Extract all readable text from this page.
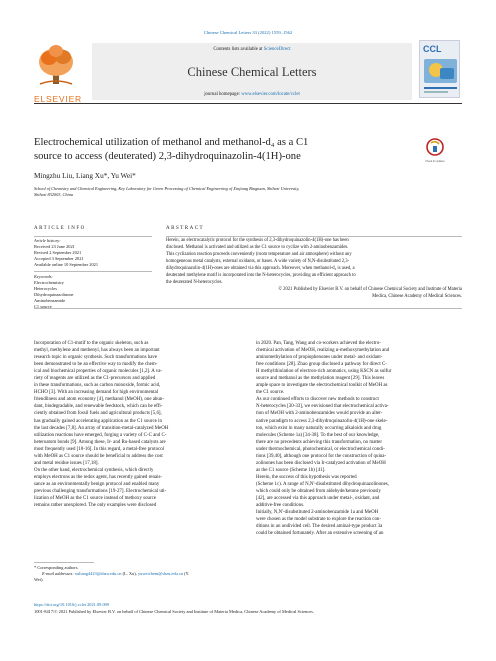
Chinese Chemical Letters 33 (2022) 1559–1562
ELSEVIER
Contents lists available at ScienceDirect
Chinese Chemical Letters
journal homepage: www.elsevier.com/locate/cclet
CCL
Electrochemical utilization of methanol and methanol-d₄ as a C1
source to access (deuterated) 2,3-dihydroquinazolin-4(1H)-one	Check for updates
Mingzhu Liu, Liang Xu*, Yu Wei*
School of Chemistry and Chemical Engineering, Key Laboratory for Green Processing of Chemical Engineering of Xinjiang Bingtuan, Shihezi University,
Shihezi 832003, China
ARTICLE INFO
Article history:
Received 23 June 2021
Revised 2 September 2021
Accepted 3 September 2021
Available online 10 September 2021
Keywords:
Electrochemistry
Heterocycles
Dihydroquinazolinone
Aminobenzamide
C1 source
ABSTRACT
Herein, an electrocatalytic protocol for the synthesis of 2,3-dihydroquinazolin-4(1H)-one has been
disclosed. Methanol is activated and utilized as the C1 source to cyclize with 2-aminobenzamides.
This cyclization reaction proceeds conveniently (room temperature and air atmosphere) without any
homogeneous metal catalysts, external oxidants, or bases. A wide variety of N,N-disubstituted 2,3-
dihydroquinazolin-4(1H)-ones are obtained via this approach. Moreover, when methanol-d₄ is used, a
deuterated methylene motif is incorporated into the N-heterocycles, providing an efficient approach to
the deuterated N-heterocycles.
© 2021 Published by Elsevier B.V. on behalf of Chinese Chemical Society and Institute of Materia
Medica, Chinese Academy of Medical Sciences.
Incorporation of C1-motif to the organic skeleton, such as
methyl, methylene and methenyl, has always been an important
research topic in organic synthesis. Such transformations have
been demonstrated to be an effective way to modify the chem-
ical and biochemical properties of organic molecules [1,2]. A va-
riety of reagents are utilized as the C1-precursors and applied
in these transformations, such as carbon monoxide, formic acid,
HCHO [3]. With an increasing demand for high environmental
friendliness and atom economy [4], methanol (MeOH), one abun-
dant, biodegradable, and renewable feedstock, which can be effi-
ciently obtained from fossil fuels and agricultural products [5,6],
has gradually gained accelerating application as the C1 source in
the last decades [7,8]. An array of transition-metal-catalyzed MeOH
utilization reactions have emerged, forging a variety of C-C and C-
heteroatom bonds [9]. Among these, Ir- and Ru-based catalysts are
most frequently used [10-16]. In this regard, a metal-free protocol
with MeOH as C1 source should be beneficial to address the cost
and metal residue issues [17,18].
On the other hand, electrochemical synthesis, which directly
employs electrons as the redox agent, has recently gained renais-
sance as an environmentally benign protocol and enabled many
previous challenging transformations [19-27]. Electrochemical uti-
lization of MeOH as the C1 source instead of methoxy source
remains rather unexplored. The only examples were disclosed
in 2020. Pan, Tang, Wang and co-workers achieved the electro-
chemical activation of MeOH, realizing α-methoxymethylation and
aminomethylation of propiophenones under metal- and oxidant-
free conditions [28]. Zhao group disclosed a pathway for direct C-
H methylthiolation of electron-rich aromatics, using KSCN as sulfur
source and methanol as the methylation reagent [29]. This leaves
ample space to investigate the electrochemical toolkit of MeOH as
the C1 source.
As our continued efforts to discover new methods to construct
N-heterocycles [30-33], we envisioned that electrochemical activa-
tion of MeOH with 2-aminobenzamides would provide an alter-
native paradigm to access 2,3-dihydroquinazolin-4(1H)-one skele-
ton, which exist in many naturally occurring alkaloids and drug
molecules (Scheme 1a) [34-38]. To the best of our knowledge,
there are no precedents achieving this transformation, no matter
under thermochemical, photochemical, or electrochemical condi-
tions [39,40], although one protocol for the construction of quina-
zolinones has been disclosed via Ir-catalyzed activation of MeOH
as the C1 source (Scheme 1b) [41].
Herein, the success of this hypothesis was reported
(Scheme 1c). A range of N,N'-disubstituted dihydroquinazolinones,
which could only be obtained from aldehyde/ketone previously
[42], are accessed via this approach under metal-, oxidant, and
additive-free conditions.
Initially, N,N'-disubstituted 2-aminobenzamide 1a and MeOH
were chosen as the model substrate to explore the reaction con-
ditions in an undivided cell. The desired aminal-type product 3a
could be obtained fortunately. After an extensive screening of an
* Corresponding authors.
E-mail addresses: xuliang4423@shzu.edu.cn (L. Xu), yuweichem@shzu.edu.cn (Y.
Wei).
https://doi.org/10.1016/j.cclet.2021.09.009
1001-8417/© 2021 Published by Elsevier B.V. on behalf of Chinese Chemical Society and Institute of Materia Medica, Chinese Academy of Medical Sciences.
